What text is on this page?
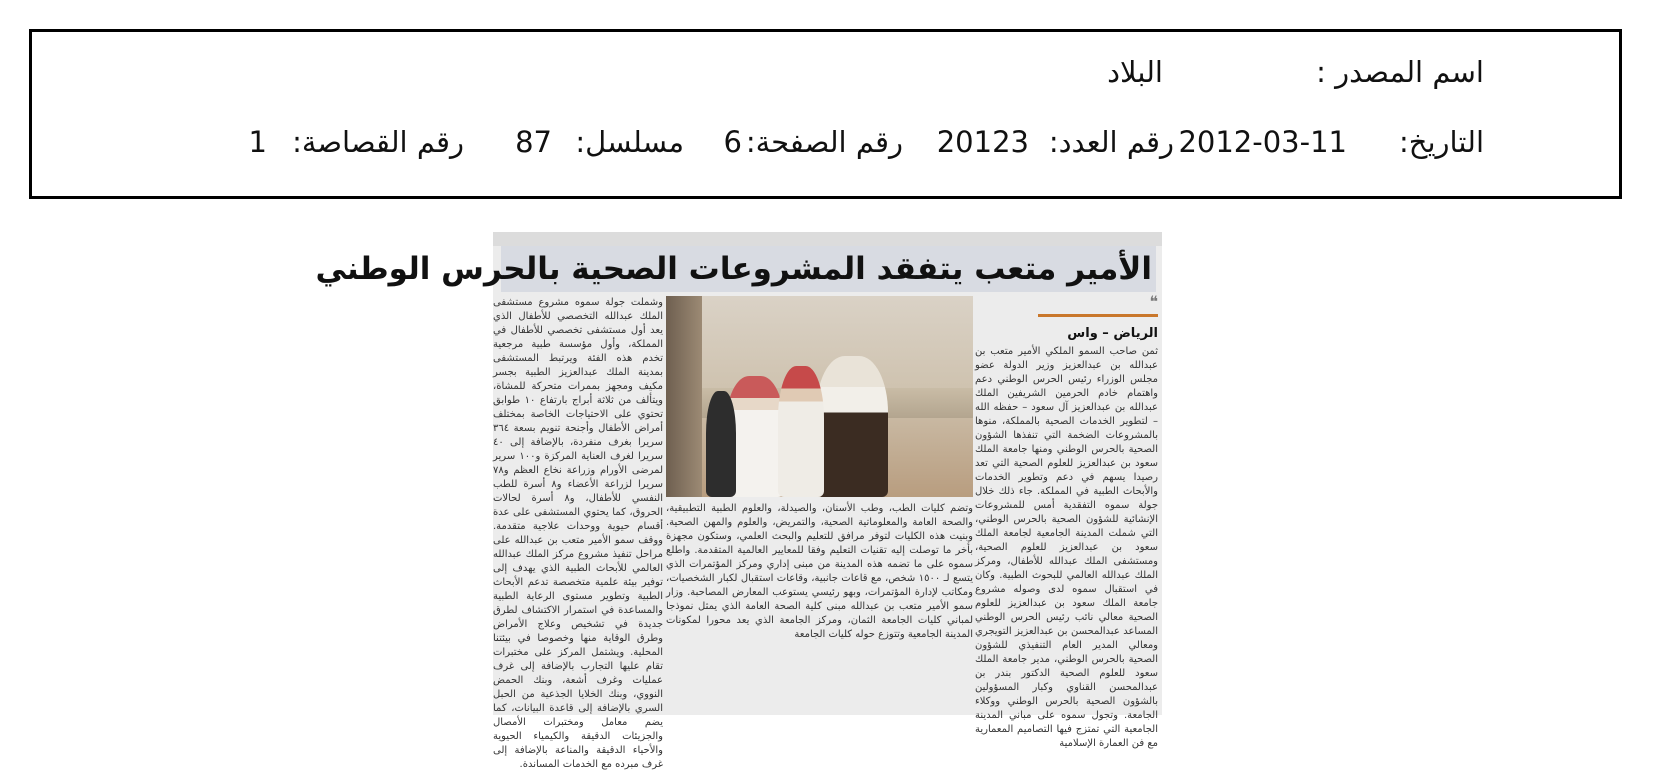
اسم المصدر :
البلاد
التاريخ:
2012-03-11
رقم العدد:
20123
رقم الصفحة:
6
مسلسل:
87
رقم القصاصة:
1
الأمير متعب يتفقد المشروعات الصحية بالحرس الوطني
وشملت جولة سموه مشروع مستشفى الملك عبدالله التخصصي للأطفال الذي يعد أول مستشفى تخصصي للأطفال في المملكة، وأول مؤسسة طبية مرجعية تخدم هذه الفئة ويرتبط المستشفى بمدينة الملك عبدالعزيز الطبية بجسر مكيف ومجهز بممرات متحركة للمشاة، ويتألف من ثلاثة أبراج بارتفاع ١٠ طوابق تحتوي على الاحتياجات الخاصة بمختلف أمراض الأطفال وأجنحة تنويم بسعة ٣٦٤ سريرا بغرف منفردة، بالإضافة إلى ٤٠ سريرا لغرف العناية المركزة و١٠٠ سرير لمرضى الأورام وزراعة نخاع العظم و٧٨ سريرا لزراعة الأعضاء و٨ أسرة للطب النفسي للأطفال، و٨ أسرة لحالات الحروق، كما يحتوي المستشفى على عدة أقسام حيوية ووحدات علاجية متقدمة. ووقف سمو الأمير متعب بن عبدالله على مراحل تنفيذ مشروع مركز الملك عبدالله العالمي للأبحاث الطبية الذي يهدف إلى توفير بيئة علمية متخصصة تدعم الأبحاث الطبية وتطوير مستوى الرعاية الطبية والمساعدة في استمرار الاكتشاف لطرق جديدة في تشخيص وعلاج الأمراض وطرق الوقاية منها وخصوصا في بيئتنا المحلية. ويشتمل المركز على مختبرات تقام عليها التجارب بالإضافة إلى غرف عمليات وغرف أشعة، وبنك الحمض النووي، وبنك الخلايا الجذعية من الحبل السري بالإضافة إلى قاعدة البيانات، كما يضم معامل ومختبرات الأمصال والجزيئات الدقيقة والكيمياء الحيوية والأحياء الدقيقة والمناعة بالإضافة إلى غرف مبرده مع الخدمات المساندة.
وتضم كليات الطب، وطب الأسنان، والصيدلة، والعلوم الطبية التطبيقية، والصحة العامة والمعلوماتية الصحية، والتمريض، والعلوم والمهن الصحية. وبنيت هذه الكليات لتوفر مرافق للتعليم والبحث العلمي، وستكون مجهزة بأخر ما توصلت إليه تقنيات التعليم وفقا للمعايير العالمية المتقدمة. واطلع سموه على ما تضمه هذه المدينة من مبنى إداري ومركز المؤتمرات الذي يتسع لـ ١٥٠٠ شخص، مع قاعات جانبية، وقاعات استقبال لكبار الشخصيات، ومكاتب لإدارة المؤتمرات، وبهو رئيسي يستوعب المعارض المصاحبة. وزار سمو الأمير متعب بن عبدالله مبنى كلية الصحة العامة الذي يمثل نموذجا لمباني كليات الجامعة الثمان، ومركز الجامعة الذي يعد محورا لمكونات المدينة الجامعية وتتوزع حوله كليات الجامعة
❝
الرياض – واس
ثمن صاحب السمو الملكي الأمير متعب بن عبدالله بن عبدالعزيز وزير الدولة عضو مجلس الوزراء رئيس الحرس الوطني دعم واهتمام خادم الحرمين الشريفين الملك عبدالله بن عبدالعزيز آل سعود – حفظه الله – لتطوير الخدمات الصحية بالمملكة، منوها بالمشروعات الضخمة التي تنفذها الشؤون الصحية بالحرس الوطني ومنها جامعة الملك سعود بن عبدالعزيز للعلوم الصحية التي تعد رصيدا يسهم في دعم وتطوير الخدمات والأبحاث الطبية في المملكة. جاء ذلك خلال جولة سموه التفقدية أمس للمشروعات الإنشائية للشؤون الصحية بالحرس الوطني، التي شملت المدينة الجامعية لجامعة الملك سعود بن عبدالعزيز للعلوم الصحية، ومستشفى الملك عبدالله للأطفال، ومركز الملك عبدالله العالمي للبحوث الطبية. وكان في استقبال سموه لدى وصوله مشروع جامعة الملك سعود بن عبدالعزيز للعلوم الصحية معالي نائب رئيس الحرس الوطني المساعد عبدالمحسن بن عبدالعزيز التويجري ومعالي المدير العام التنفيذي للشؤون الصحية بالحرس الوطني، مدير جامعة الملك سعود للعلوم الصحية الدكتور بندر بن عبدالمحسن القناوي وكبار المسؤولين بالشؤون الصحية بالحرس الوطني ووكلاء الجامعة. وتجول سموه على مباني المدينة الجامعية التي تمتزج فيها التصاميم المعمارية مع فن العمارة الإسلامية
